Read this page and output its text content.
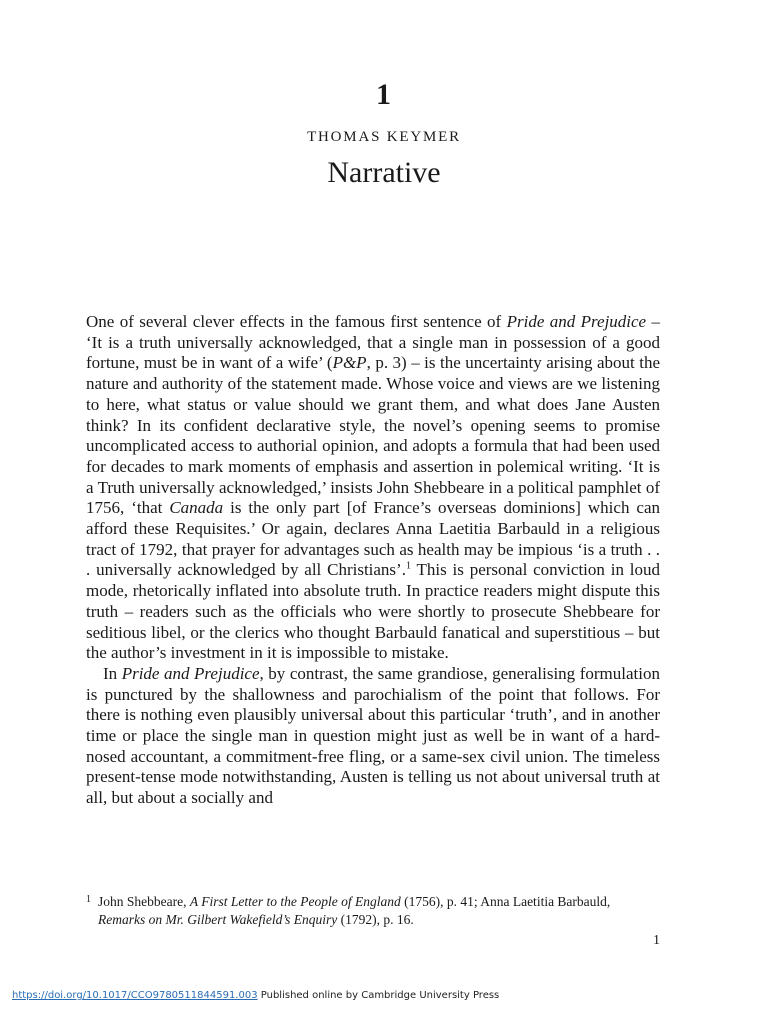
1
THOMAS KEYMER
Narrative

One of several clever effects in the famous first sentence of Pride and Prejudice – ‘It is a truth universally acknowledged, that a single man in possession of a good fortune, must be in want of a wife’ (P&P, p. 3) – is the uncertainty arising about the nature and authority of the statement made. Whose voice and views are we listening to here, what status or value should we grant them, and what does Jane Austen think? In its confident declarative style, the novel’s opening seems to promise uncomplicated access to authorial opinion, and adopts a formula that had been used for decades to mark moments of emphasis and assertion in polemical writing. ‘It is a Truth universally acknowledged,’ insists John Shebbeare in a political pamphlet of 1756, ‘that Canada is the only part [of France’s overseas dominions] which can afford these Requisites.’ Or again, declares Anna Laetitia Barbauld in a religious tract of 1792, that prayer for advantages such as health may be impious ‘is a truth . . . universally acknowledged by all Christians’.$^1$ This is personal conviction in loud mode, rhetorically inflated into absolute truth. In practice readers might dispute this truth – readers such as the officials who were shortly to prosecute Shebbeare for seditious libel, or the clerics who thought Barbauld fanatical and superstitious – but the author’s investment in it is impossible to mistake.

In Pride and Prejudice, by contrast, the same grandiose, generalising formulation is punctured by the shallowness and parochialism of the point that follows. For there is nothing even plausibly universal about this particular ‘truth’, and in another time or place the single man in question might just as well be in want of a hard-nosed accountant, a commitment-free fling, or a same-sex civil union. The timeless present-tense mode notwithstanding, Austen is telling us not about universal truth at all, but about a socially and

1 John Shebbeare, A First Letter to the People of England (1756), p. 41; Anna Laetitia Barbauld, Remarks on Mr. Gilbert Wakefield’s Enquiry (1792), p. 16.
1
https://doi.org/10.1017/CCO9780511844591.003 Published online by Cambridge University Press
